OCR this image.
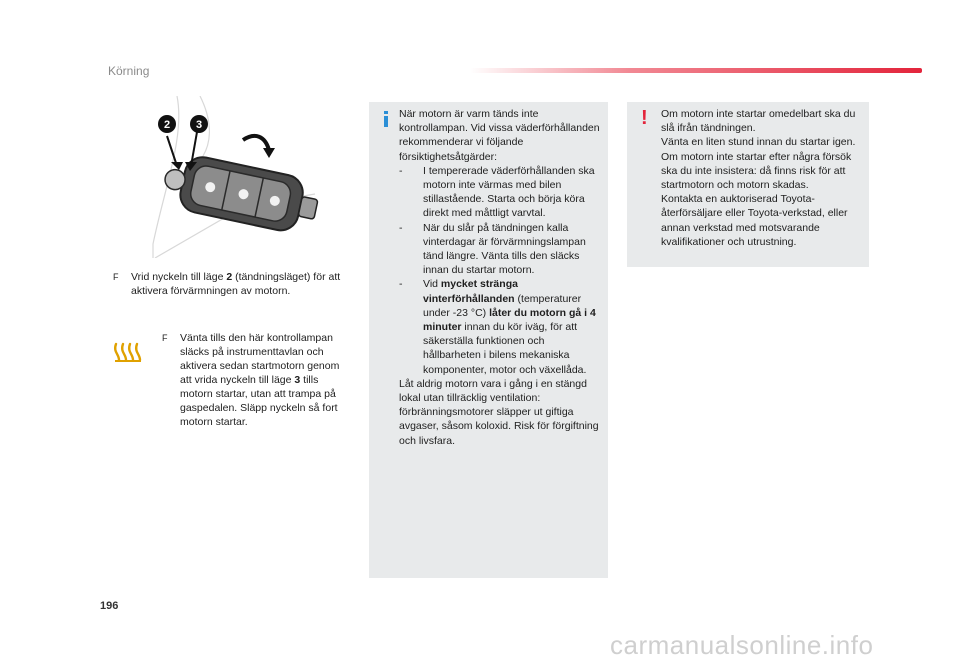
Körning
2 3
F	Vrid nyckeln till läge 2 (tändningsläget) för att aktivera förvärmningen av motorn.
F	Vänta tills den här kontrollampan släcks på instrumenttavlan och aktivera sedan startmotorn genom att vrida nyckeln till läge 3 tills motorn startar, utan att trampa på gaspedalen. Släpp nyckeln så fort motorn startar.

När motorn är varm tänds inte kontrollampan. Vid vissa väderförhållanden rekommenderar vi följande försiktighetsåtgärder:

- I tempererade väderförhållanden ska motorn inte värmas med bilen stillastående. Starta och börja köra direkt med måttligt varvtal.
- När du slår på tändningen kalla vinterdagar är förvärmningslampan tänd längre. Vänta tills den släcks innan du startar motorn.
- Vid mycket stränga vinterförhållanden (temperaturer under -23 °C) låter du motorn gå i 4 minuter innan du kör iväg, för att säkerställa funktionen och hållbarheten i bilens mekaniska komponenter, motor och växellåda.

Låt aldrig motorn vara i gång i en stängd lokal utan tillräcklig ventilation: förbränningsmotorer släpper ut giftiga avgaser, såsom koloxid. Risk för förgiftning och livsfara.

! Om motorn inte startar omedelbart ska du slå ifrån tändningen.

Vänta en liten stund innan du startar igen. Om motorn inte startar efter några försök ska du inte insistera: då finns risk för att startmotorn och motorn skadas.

Kontakta en auktoriserad Toyota-återförsäljare eller Toyota-verkstad, eller annan verkstad med motsvarande kvalifikationer och utrustning.

196
carmanualsonline.info
